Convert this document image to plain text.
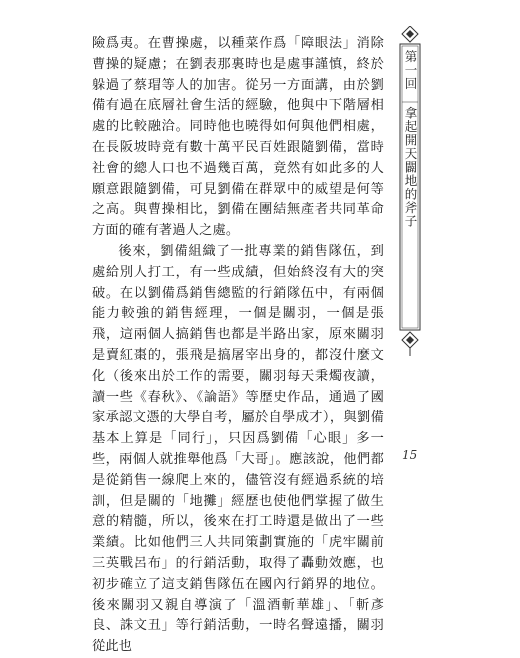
險爲夷。在曹操處，以種菜作爲「障眼法」消除曹操的疑慮；在劉表那裏時也是處事謹慎，終於躲過了蔡瑁等人的加害。從另一方面講，由於劉備有過在底層社會生活的經驗，他與中下階層相處的比較融洽。同時他也曉得如何與他們相處，在長阪坡時竟有數十萬平民百姓跟隨劉備，當時社會的總人口也不過幾百萬，竟然有如此多的人願意跟隨劉備，可見劉備在群眾中的威望是何等之高。與曹操相比，劉備在團結無產者共同革命方面的確有著過人之處。

後來，劉備組織了一批專業的銷售隊伍，到處給別人打工，有一些成績，但始終沒有大的突破。在以劉備爲銷售總監的行銷隊伍中，有兩個能力較強的銷售經理，一個是關羽，一個是張飛，這兩個人搞銷售也都是半路出家，原來關羽是賣紅棗的，張飛是搞屠宰出身的，都沒什麼文化（後來出於工作的需要，關羽每天秉燭夜讀，讀一些《春秋》、《論語》等歷史作品，通過了國家承認文憑的大學自考，屬於自學成才），與劉備基本上算是「同行」，只因爲劉備「心眼」多一些，兩個人就推舉他爲「大哥」。應該說，他們都是從銷售一線爬上來的，儘管沒有經過系統的培訓，但是關的「地攤」經歷也使他們掌握了做生意的精髓，所以，後來在打工時還是做出了一些業績。比如他們三人共同策劃實施的「虎牢關前三英戰呂布」的行銷活動，取得了轟動效應，也初步確立了這支銷售隊伍在國內行銷界的地位。後來關羽又親自導演了「溫酒斬華雄」、「斬彥良、誅文丑」等行銷活動，一時名聲遠播，關羽從此也

第一回  拿起開天闢地的斧子
15
